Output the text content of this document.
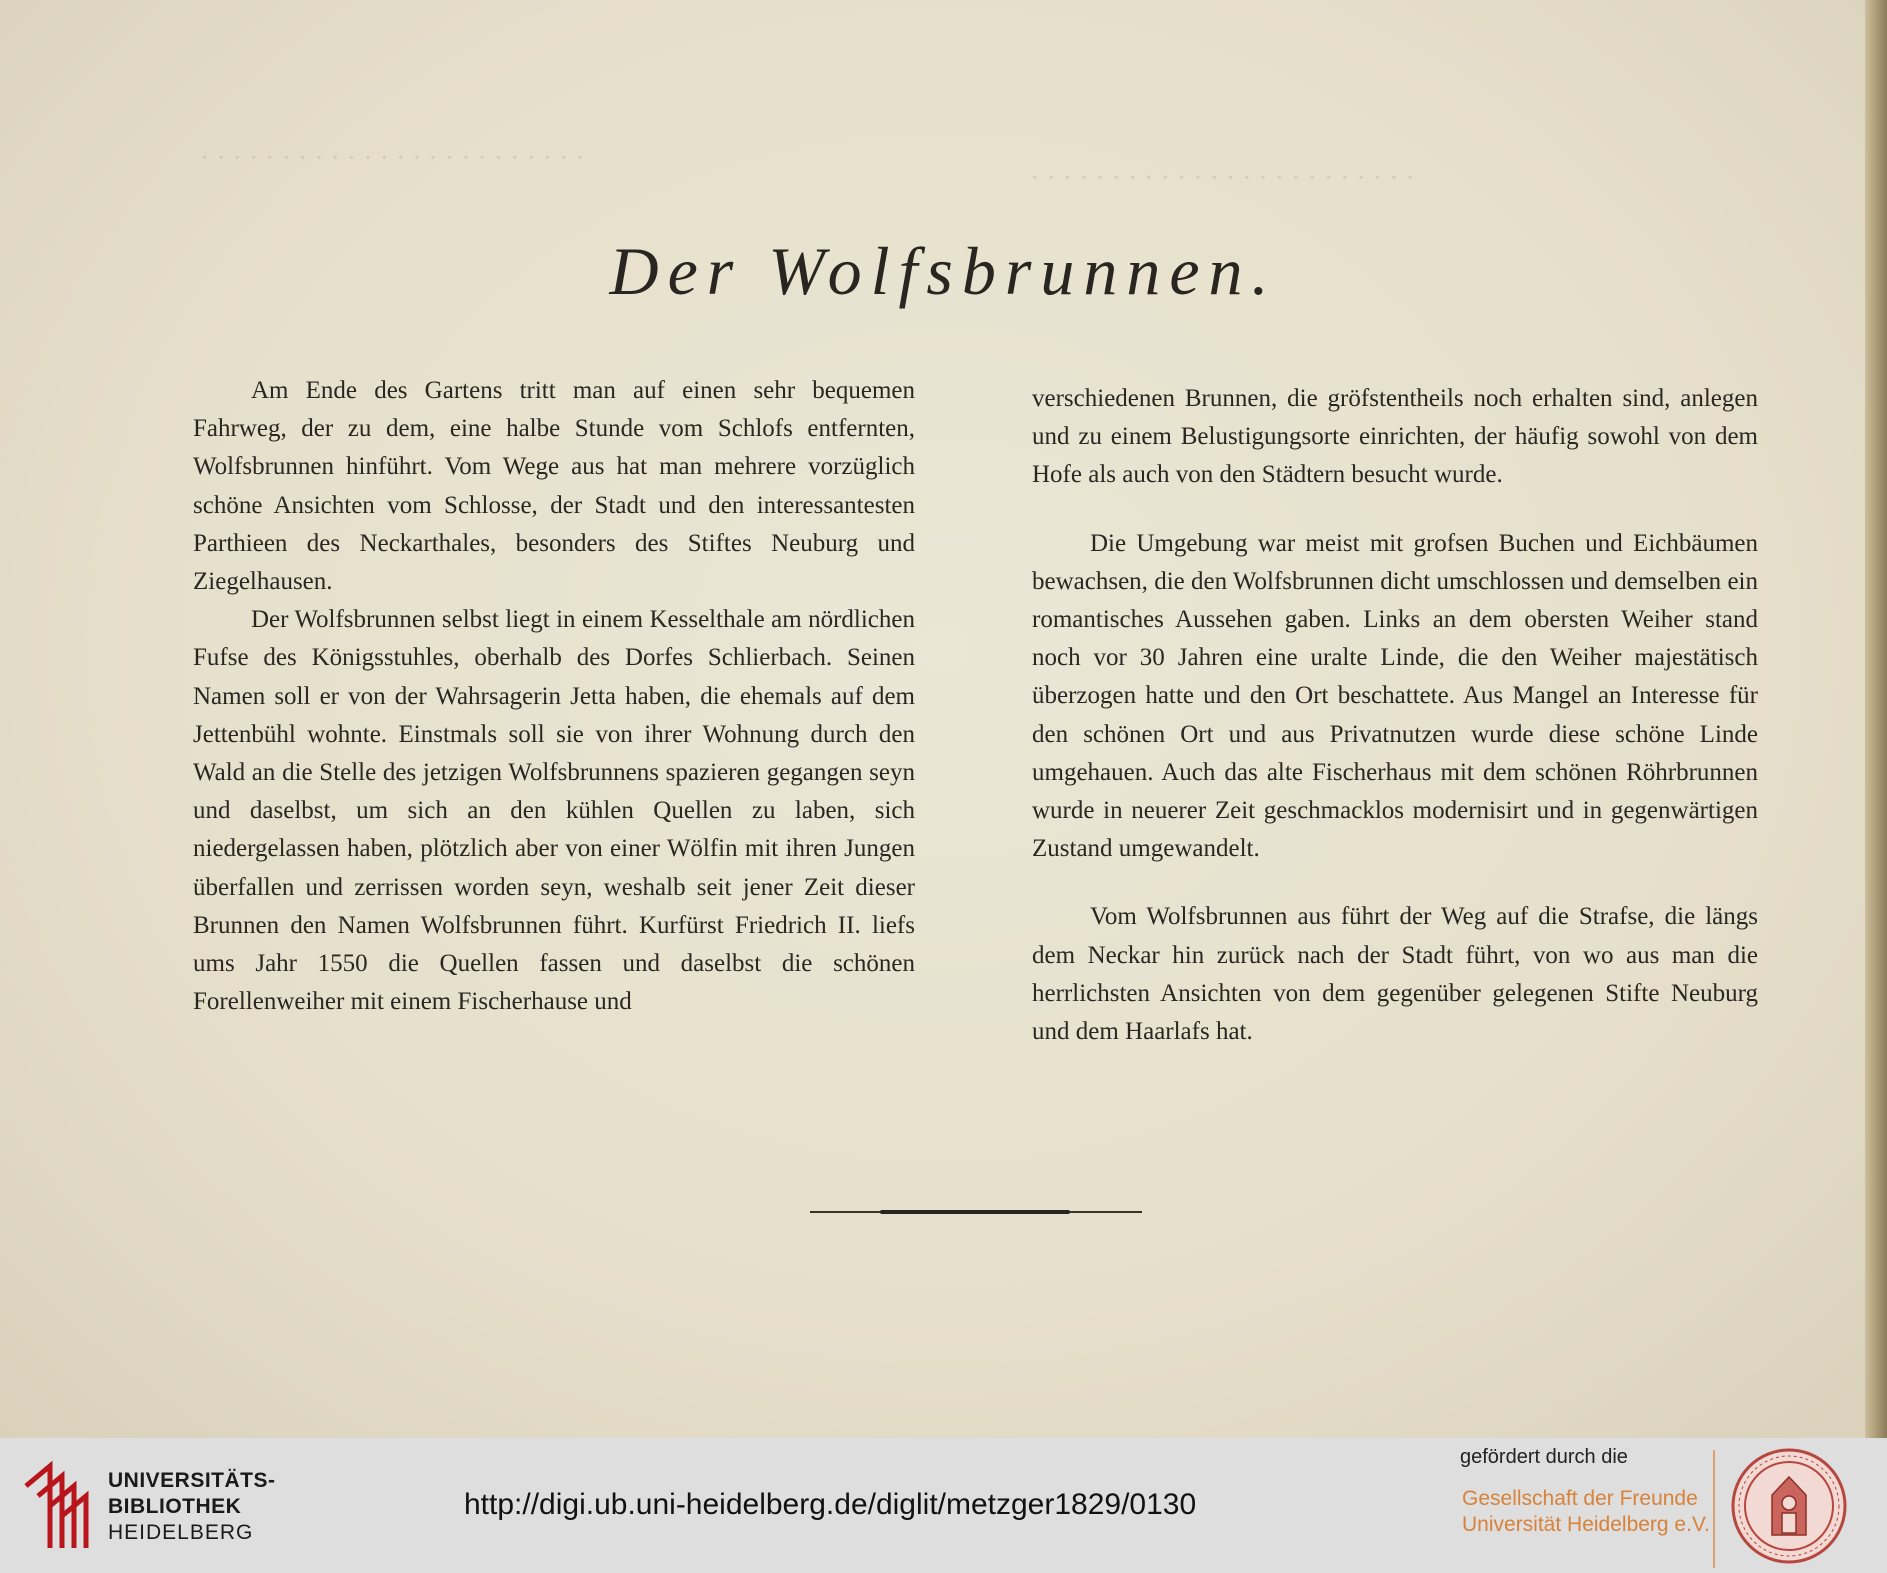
· · · · · · · · · · · · · · · · · · · · · · · ·
· · · · · · · · · · · · · · · · · · · · · · · ·
Der Wolfsbrunnen.

Am Ende des Gartens tritt man auf einen sehr bequemen Fahrweg, der zu dem, eine halbe Stunde vom Schlofs entfernten, Wolfsbrunnen hinführt. Vom Wege aus hat man mehrere vorzüglich schöne Ansichten vom Schlosse, der Stadt und den interessantesten Parthieen des Neckarthales, besonders des Stiftes Neuburg und Ziegelhausen.

Der Wolfsbrunnen selbst liegt in einem Kesselthale am nördlichen Fufse des Königsstuhles, oberhalb des Dorfes Schlierbach. Seinen Namen soll er von der Wahrsagerin Jetta haben, die ehemals auf dem Jettenbühl wohnte. Einstmals soll sie von ihrer Wohnung durch den Wald an die Stelle des jetzigen Wolfsbrunnens spazieren gegangen seyn und daselbst, um sich an den kühlen Quellen zu laben, sich niedergelassen haben, plötzlich aber von einer Wölfin mit ihren Jungen überfallen und zerrissen worden seyn, weshalb seit jener Zeit dieser Brunnen den Namen Wolfsbrunnen führt. Kurfürst Friedrich II. liefs ums Jahr 1550 die Quellen fassen und daselbst die schönen Forellenweiher mit einem Fischerhause und

verschiedenen Brunnen, die gröfstentheils noch erhalten sind, anlegen und zu einem Belustigungsorte einrichten, der häufig sowohl von dem Hofe als auch von den Städtern besucht wurde.

Die Umgebung war meist mit grofsen Buchen und Eichbäumen bewachsen, die den Wolfsbrunnen dicht umschlossen und demselben ein romantisches Aussehen gaben. Links an dem obersten Weiher stand noch vor 30 Jahren eine uralte Linde, die den Weiher majestätisch überzogen hatte und den Ort beschattete. Aus Mangel an Interesse für den schönen Ort und aus Privatnutzen wurde diese schöne Linde umgehauen. Auch das alte Fischerhaus mit dem schönen Röhrbrunnen wurde in neuerer Zeit geschmacklos modernisirt und in gegenwärtigen Zustand umgewandelt.

Vom Wolfsbrunnen aus führt der Weg auf die Strafse, die längs dem Neckar hin zurück nach der Stadt führt, von wo aus man die herrlichsten Ansichten von dem gegenüber gelegenen Stifte Neuburg und dem Haarlafs hat.

UNIVERSITÄTS-
BIBLIOTHEK
HEIDELBERG
http://digi.ub.uni-heidelberg.de/diglit/metzger1829/0130
gefördert durch die
Gesellschaft der Freunde
Universität Heidelberg e.V.
